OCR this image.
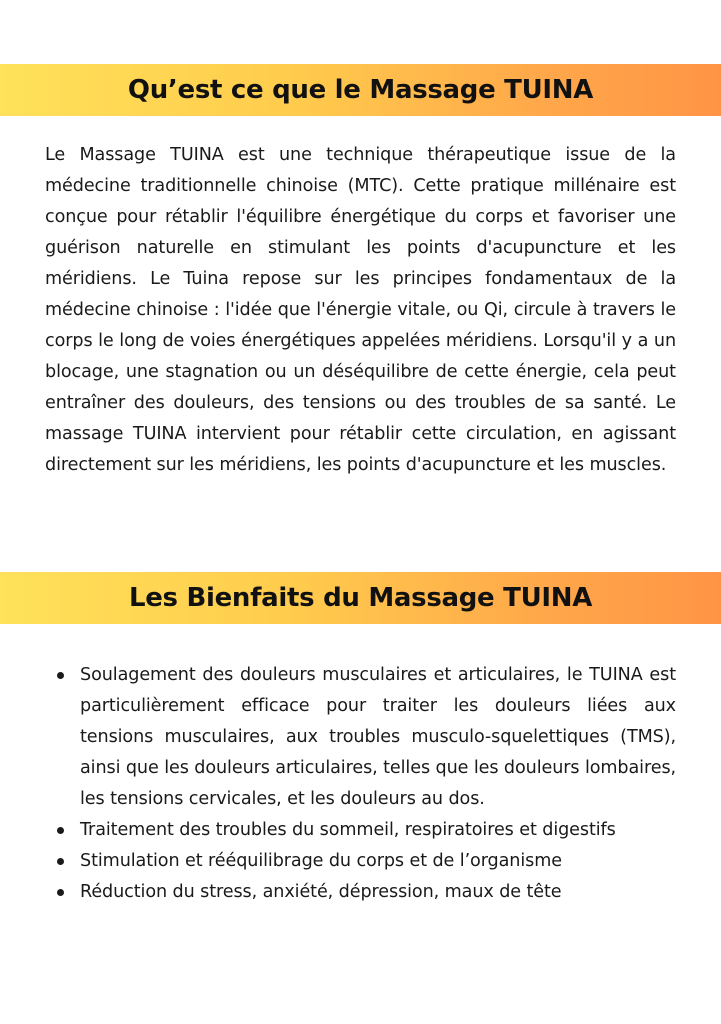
Qu’est ce que le Massage TUINA

Le Massage TUINA est une technique thérapeutique issue de la médecine traditionnelle chinoise (MTC). Cette pratique millénaire est conçue pour rétablir l'équilibre énergétique du corps et favoriser une guérison naturelle en stimulant les points d'acupuncture et les méridiens. Le Tuina repose sur les principes fondamentaux de la médecine chinoise : l'idée que l'énergie vitale, ou Qi, circule à travers le corps le long de voies énergétiques appelées méridiens. Lorsqu'il y a un blocage, une stagnation ou un déséquilibre de cette énergie, cela peut entraîner des douleurs, des tensions ou des troubles de sa santé. Le massage TUINA intervient pour rétablir cette circulation, en agissant directement sur les méridiens, les points d'acupuncture et les muscles.

Les Bienfaits du Massage TUINA
Soulagement des douleurs musculaires et articulaires, le TUINA est particulièrement efficace pour traiter les douleurs liées aux tensions musculaires, aux troubles musculo-squelettiques (TMS), ainsi que les douleurs articulaires, telles que les douleurs lombaires, les tensions cervicales, et les douleurs au dos.
Traitement des troubles du sommeil, respiratoires et digestifs
Stimulation et rééquilibrage du corps et de l’organisme
Réduction du stress, anxiété, dépression, maux de tête
